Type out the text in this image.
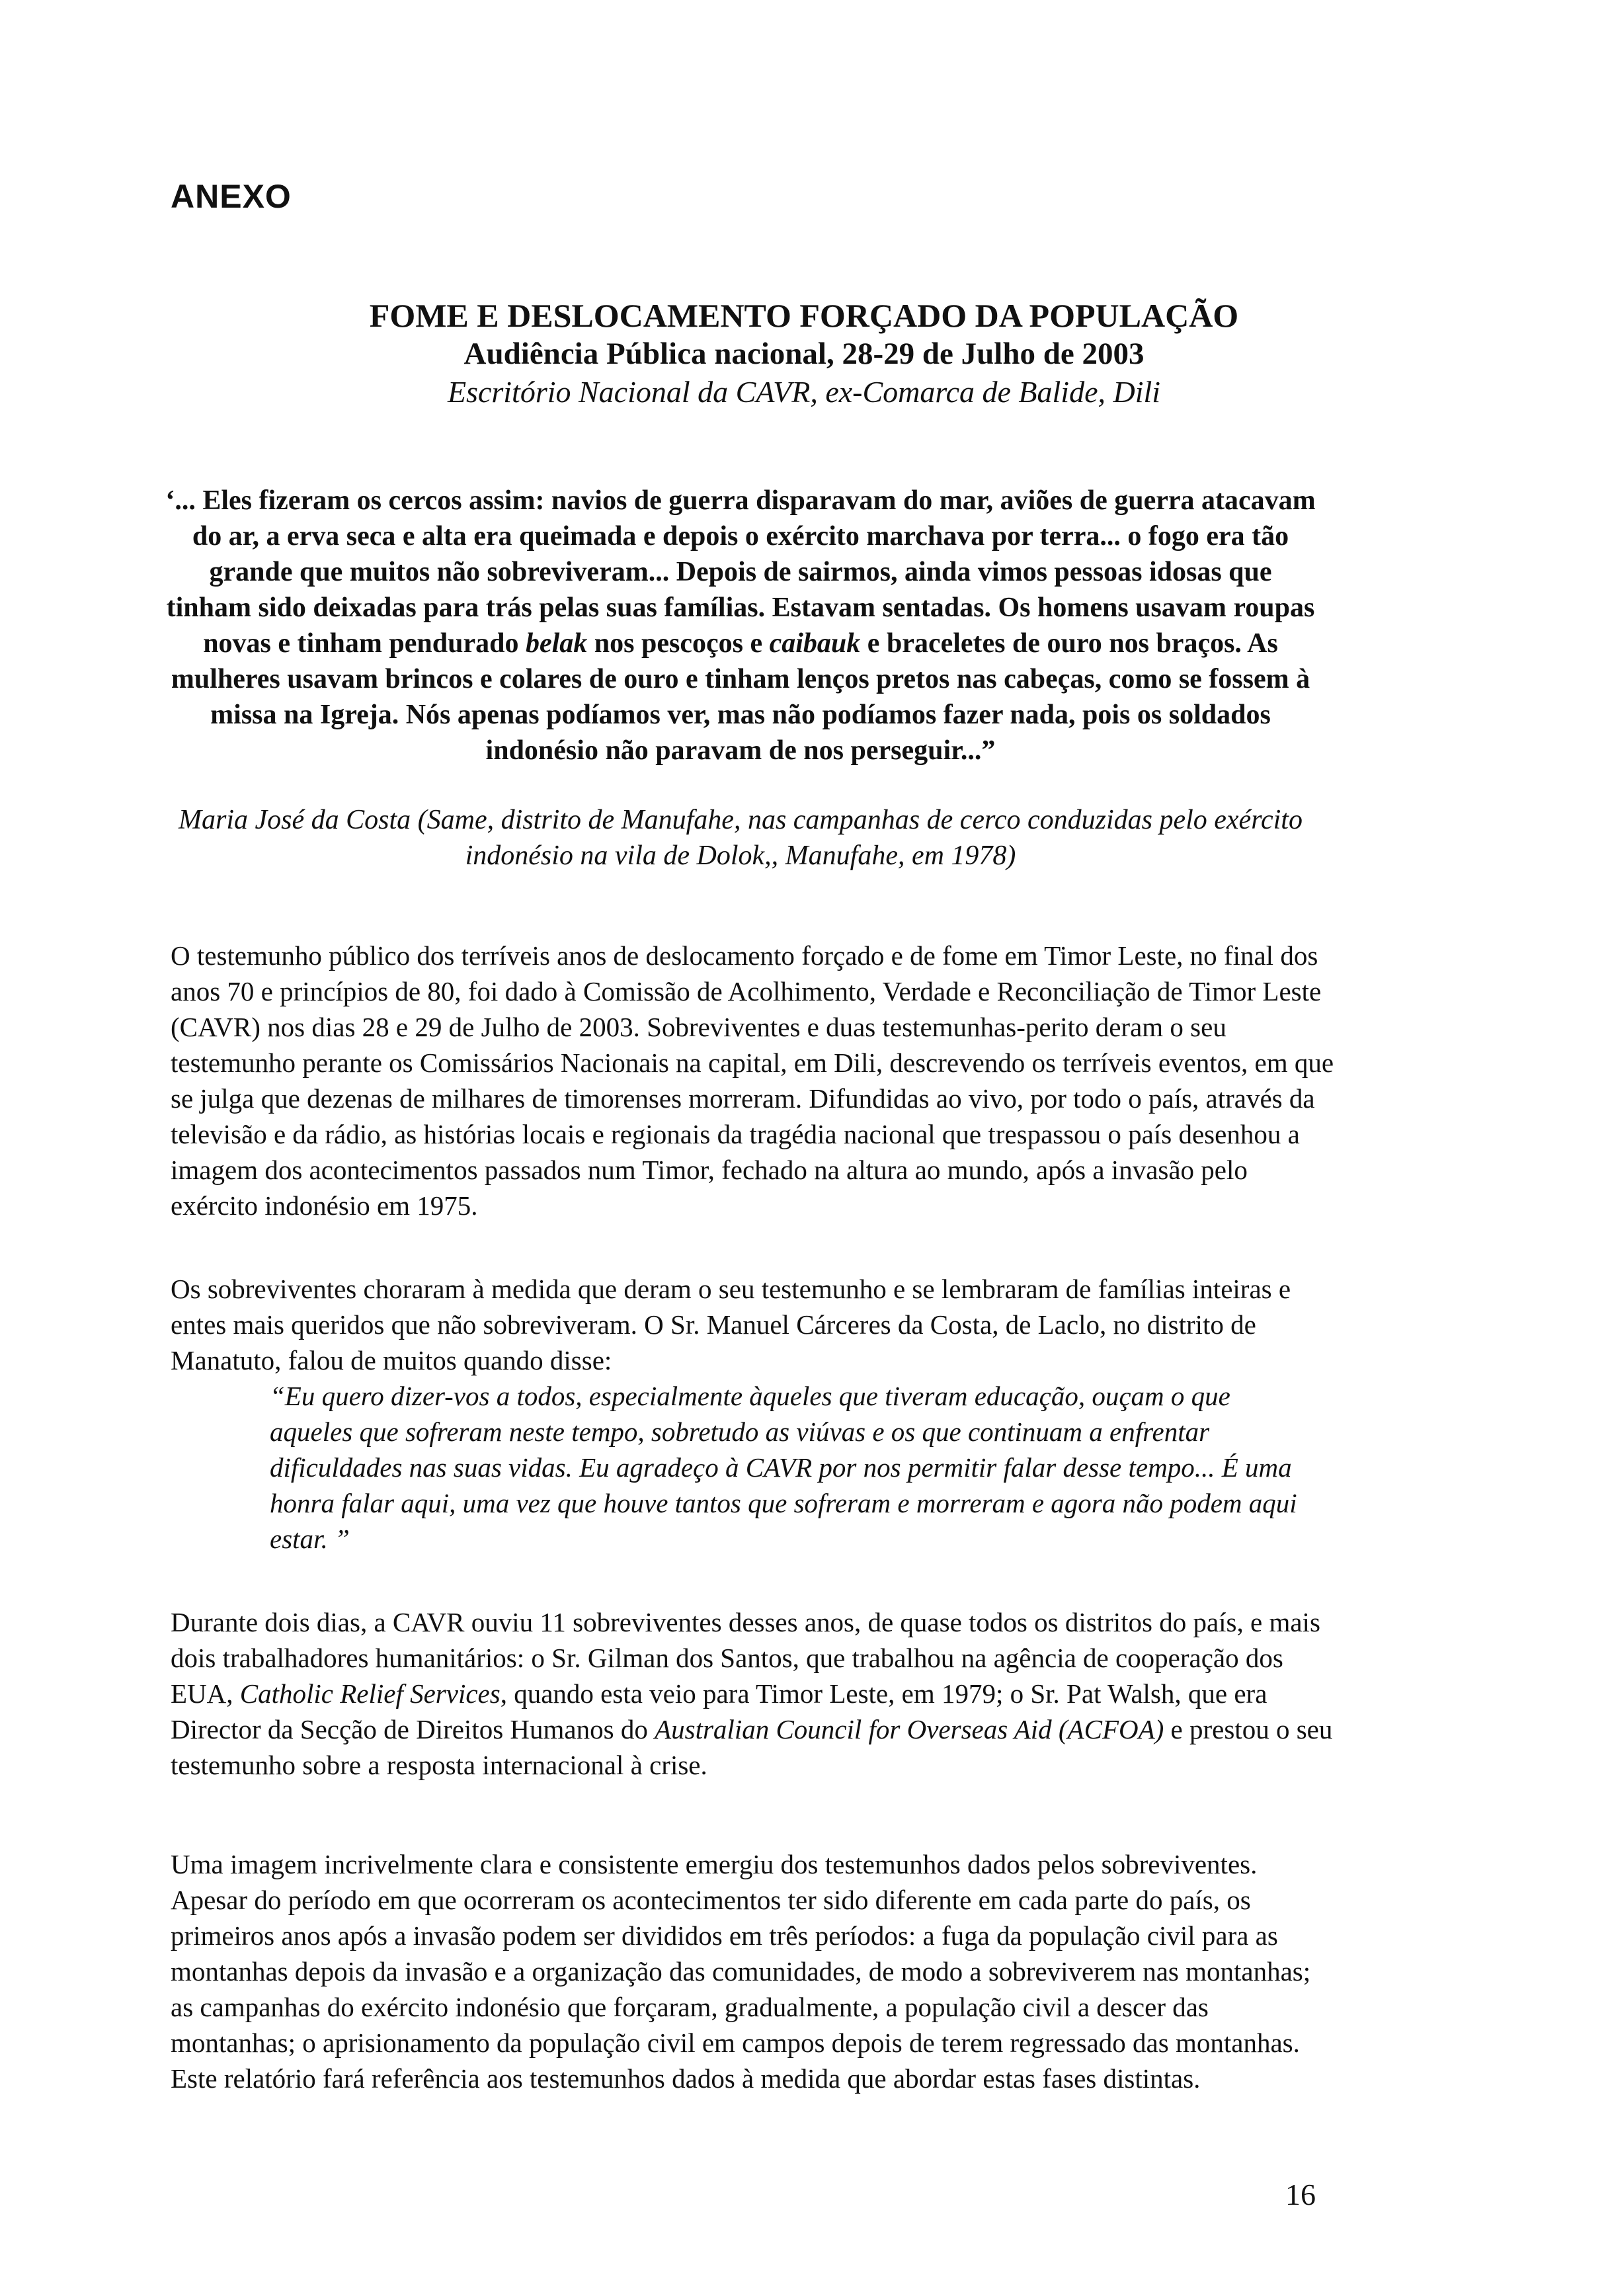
ANEXO
FOME E DESLOCAMENTO FORÇADO DA POPULAÇÃO
Audiência Pública nacional, 28-29 de Julho de 2003
Escritório Nacional da CAVR, ex-Comarca de Balide, Dili
‘... Eles fizeram os cercos assim: navios de guerra disparavam do mar, aviões de guerra atacavam do ar, a erva seca e alta era queimada e depois o exército marchava por terra... o fogo era tão grande que muitos não sobreviveram... Depois de sairmos, ainda vimos pessoas idosas que tinham sido deixadas para trás pelas suas famílias. Estavam sentadas. Os homens usavam roupas novas e tinham pendurado belak nos pescoços e caibauk e braceletes de ouro nos braços. As mulheres usavam brincos e colares de ouro e tinham lenços pretos nas cabeças, como se fossem à missa na Igreja. Nós apenas podíamos ver, mas não podíamos fazer nada, pois os soldados indonésio não paravam de nos perseguir...”
Maria José da Costa (Same, distrito de Manufahe, nas campanhas de cerco conduzidas pelo exército indonésio na vila de Dolok,, Manufahe, em 1978)

O testemunho público dos terríveis anos de deslocamento forçado e de fome em Timor Leste, no final dos anos 70 e princípios de 80, foi dado à Comissão de Acolhimento, Verdade e Reconciliação de Timor Leste (CAVR) nos dias 28 e 29 de Julho de 2003. Sobreviventes e duas testemunhas-perito deram o seu testemunho perante os Comissários Nacionais na capital, em Dili, descrevendo os terríveis eventos, em que se julga que dezenas de milhares de timorenses morreram. Difundidas ao vivo, por todo o país, através da televisão e da rádio, as histórias locais e regionais da tragédia nacional que trespassou o país desenhou a imagem dos acontecimentos passados num Timor, fechado na altura ao mundo, após a invasão pelo exército indonésio em 1975.

Os sobreviventes choraram à medida que deram o seu testemunho e se lembraram de famílias inteiras e entes mais queridos que não sobreviveram. O Sr. Manuel Cárceres da Costa, de Laclo, no distrito de Manatuto, falou de muitos quando disse:

“Eu quero dizer-vos a todos, especialmente àqueles que tiveram educação, ouçam o que aqueles que sofreram neste tempo, sobretudo as viúvas e os que continuam a enfrentar dificuldades nas suas vidas. Eu agradeço à CAVR por nos permitir falar desse tempo... É uma honra falar aqui, uma vez que houve tantos que sofreram e morreram e agora não podem aqui estar. ”

Durante dois dias, a CAVR ouviu 11 sobreviventes desses anos, de quase todos os distritos do país, e mais dois trabalhadores humanitários: o Sr. Gilman dos Santos, que trabalhou na agência de cooperação dos EUA, Catholic Relief Services, quando esta veio para Timor Leste, em 1979; o Sr. Pat Walsh, que era Director da Secção de Direitos Humanos do Australian Council for Overseas Aid (ACFOA) e prestou o seu testemunho sobre a resposta internacional à crise.

Uma imagem incrivelmente clara e consistente emergiu dos testemunhos dados pelos sobreviventes. Apesar do período em que ocorreram os acontecimentos ter sido diferente em cada parte do país, os primeiros anos após a invasão podem ser divididos em três períodos: a fuga da população civil para as montanhas depois da invasão e a organização das comunidades, de modo a sobreviverem nas montanhas; as campanhas do exército indonésio que forçaram, gradualmente, a população civil a descer das montanhas; o aprisionamento da população civil em campos depois de terem regressado das montanhas. Este relatório fará referência aos testemunhos dados à medida que abordar estas fases distintas.

16
